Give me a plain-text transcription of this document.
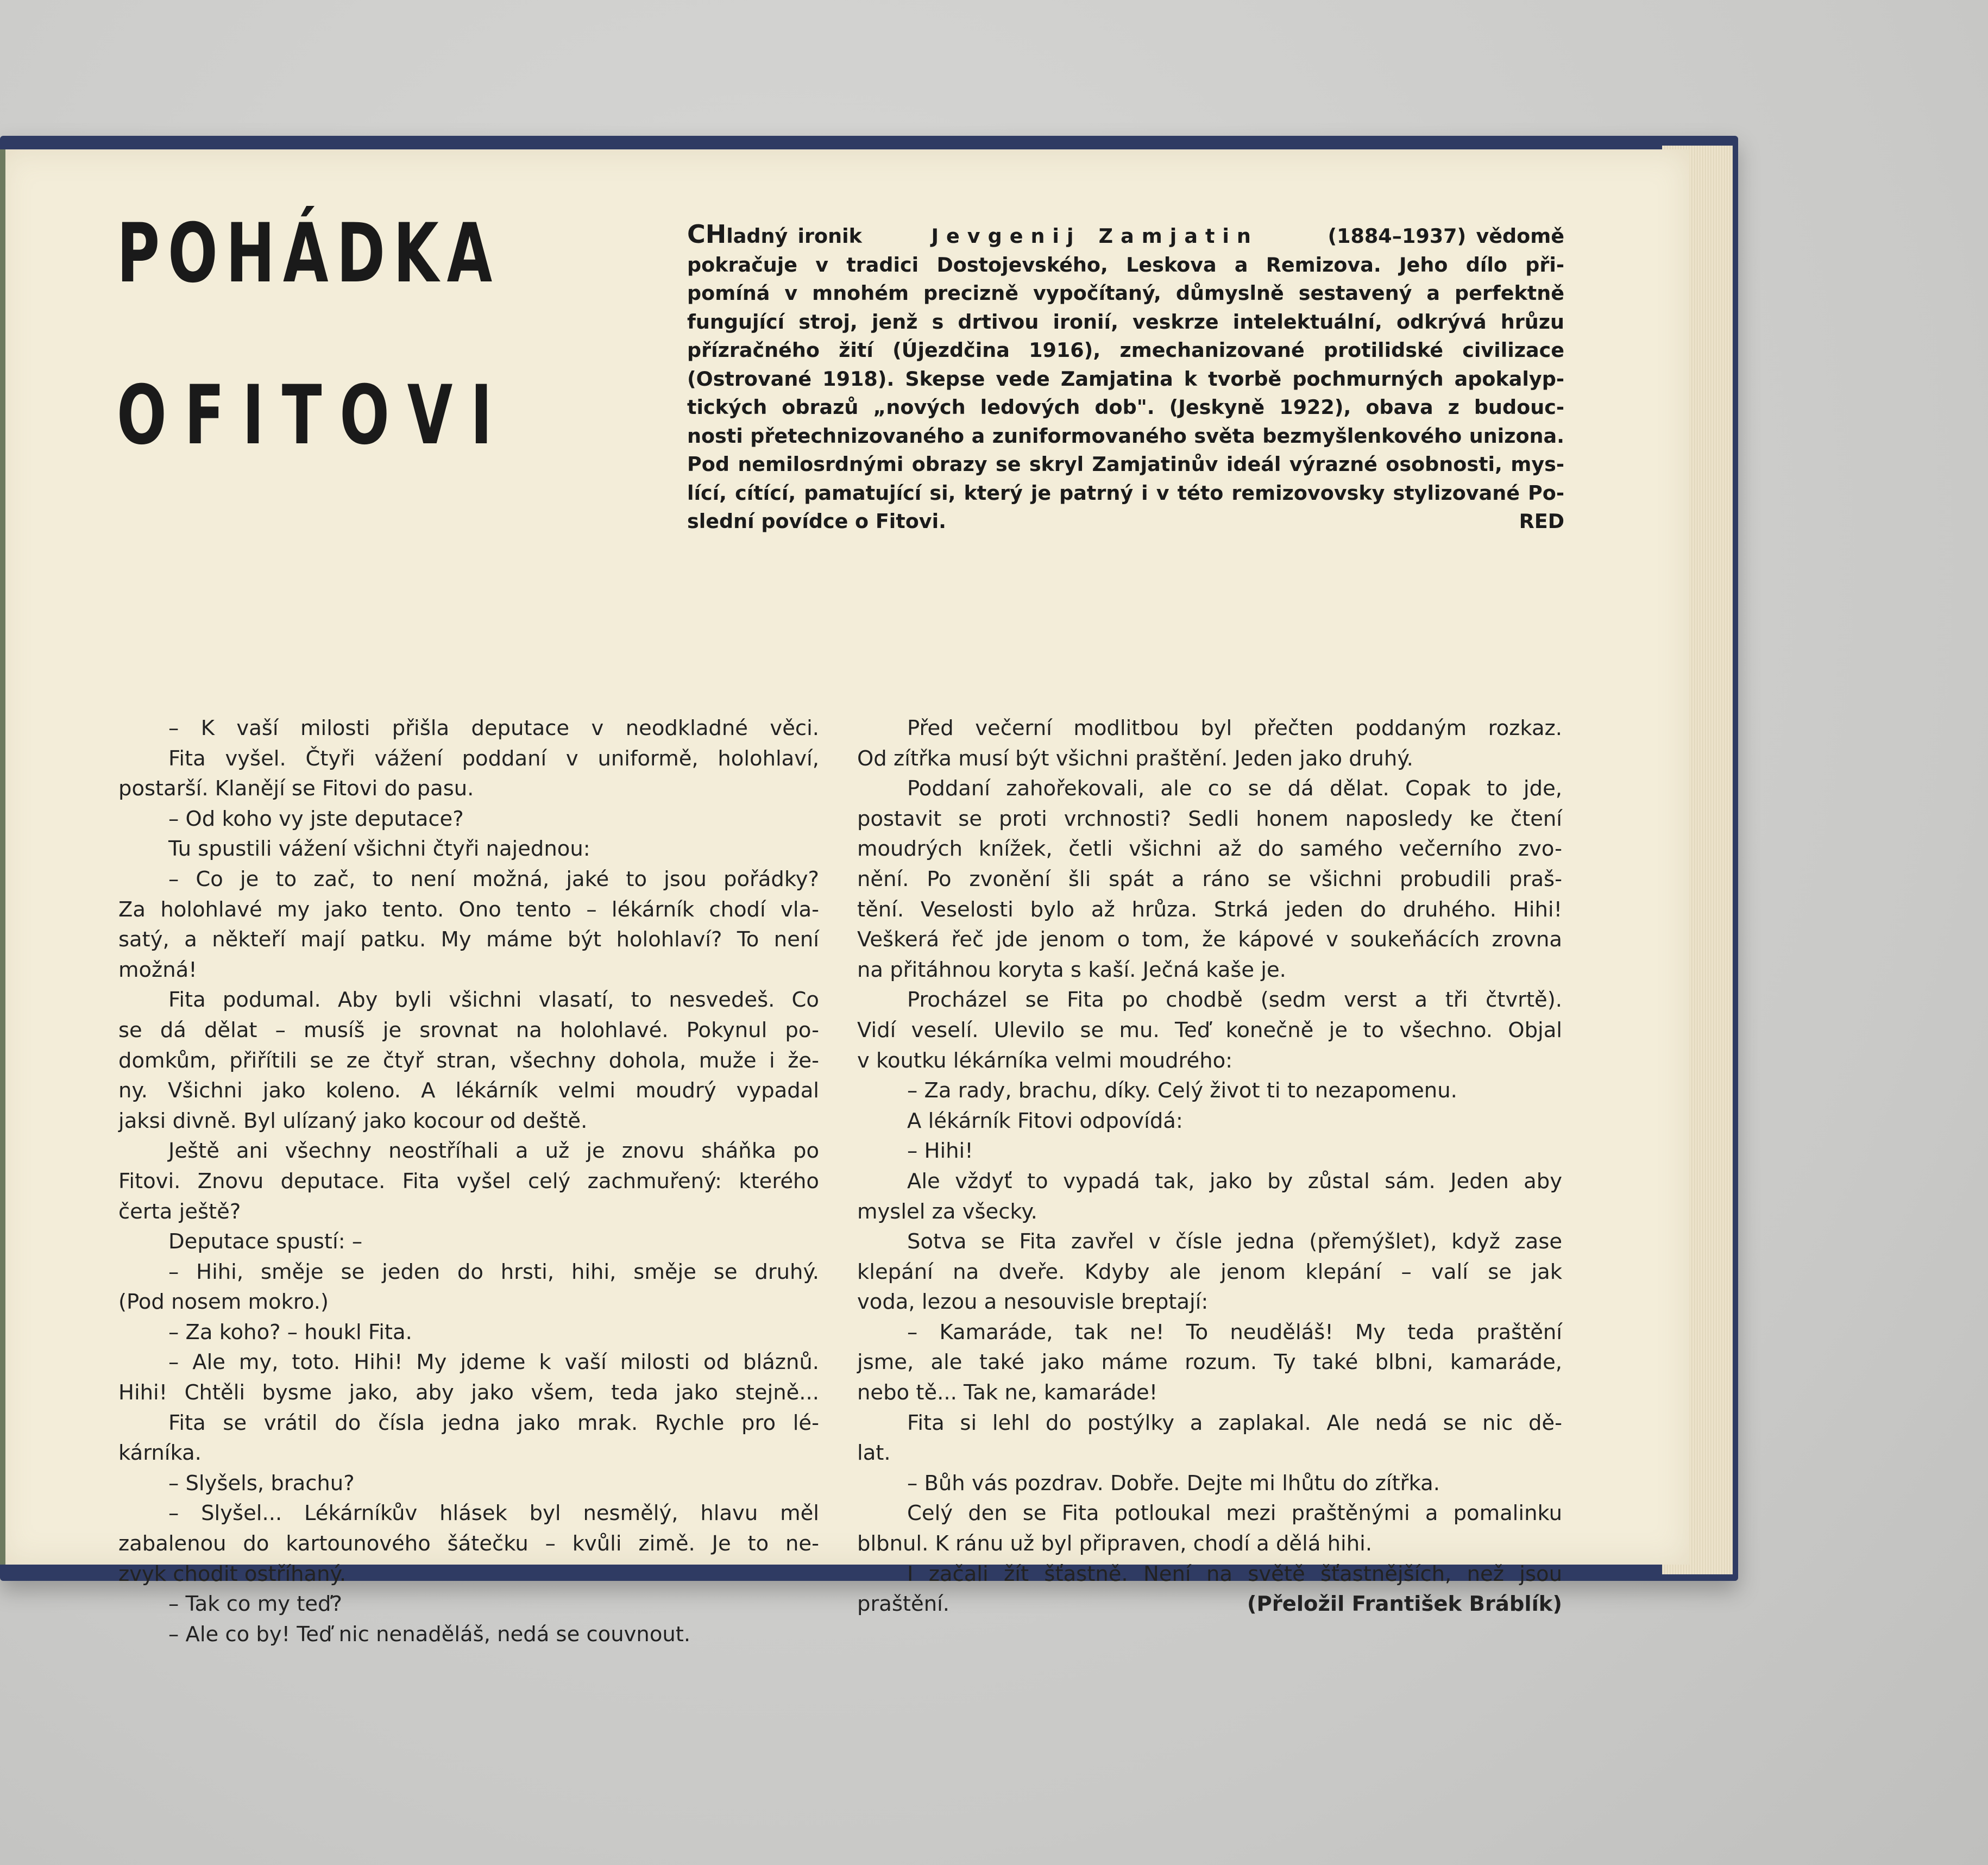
P O H Á D K A
O F I T O V I

CHladný ironik	Jevgenij Zamjatin	(1884–1937) vědomě

pokračuje v tradici Dostojevského, Leskova a Remizova. Jeho dílo při-

pomíná v mnohém precizně vypočítaný, důmyslně sestavený a perfektně

fungující stroj, jenž s drtivou ironií, veskrze intelektuální, odkrývá hrůzu

přízračného žití (Újezdčina 1916), zmechanizované protilidské civilizace

(Ostrované 1918). Skepse vede Zamjatina k tvorbě pochmurných apokalyp-

tických obrazů „nových ledových dob". (Jeskyně 1922), obava z budouc-

nosti přetechnizovaného a zuniformovaného světa bezmyšlenkového unizona.

Pod nemilosrdnými obrazy se skryl Zamjatinův ideál výrazné osobnosti, mys-

lící, cítící, pamatující si, který je patrný i v této remizovovsky stylizované Po-

slední povídce o Fitovi.	RED

– K vaší milosti přišla deputace v neodkladné věci.

Fita vyšel. Čtyři vážení poddaní v uniformě, holohlaví,

postarší. Klanějí se Fitovi do pasu.

– Od koho vy jste deputace?

Tu spustili vážení všichni čtyři najednou:

– Co je to zač, to není možná, jaké to jsou pořádky?

Za holohlavé my jako tento. Ono tento – lékárník chodí vla-

satý, a někteří mají patku. My máme být holohlaví? To není

možná!

Fita podumal. Aby byli všichni vlasatí, to nesvedeš. Co

se dá dělat – musíš je srovnat na holohlavé. Pokynul po-

domkům, přiřítili se ze čtyř stran, všechny dohola, muže i že-

ny. Všichni jako koleno. A lékárník velmi moudrý vypadal

jaksi divně. Byl ulízaný jako kocour od deště.

Ještě ani všechny neostříhali a už je znovu sháňka po

Fitovi. Znovu deputace. Fita vyšel celý zachmuřený: kterého

čerta ještě?

Deputace spustí: –

– Hihi, směje se jeden do hrsti, hihi, směje se druhý.

(Pod nosem mokro.)

– Za koho? – houkl Fita.

– Ale my, toto. Hihi! My jdeme k vaší milosti od bláznů.

Hihi! Chtěli bysme jako, aby jako všem, teda jako stejně...

Fita se vrátil do čísla jedna jako mrak. Rychle pro lé-

kárníka.

– Slyšels, brachu?

– Slyšel... Lékárníkův hlásek byl nesmělý, hlavu měl

zabalenou do kartounového šátečku – kvůli zimě. Je to ne-

zvyk chodit ostříhaný.

– Tak co my teď?

– Ale co by! Teď nic nenaděláš, nedá se couvnout.

Před večerní modlitbou byl přečten poddaným rozkaz.

Od zítřka musí být všichni praštění. Jeden jako druhý.

Poddaní zahořekovali, ale co se dá dělat. Copak to jde,

postavit se proti vrchnosti? Sedli honem naposledy ke čtení

moudrých knížek, četli všichni až do samého večerního zvo-

nění. Po zvonění šli spát a ráno se všichni probudili praš-

tění. Veselosti bylo až hrůza. Strká jeden do druhého. Hihi!

Veškerá řeč jde jenom o tom, že kápové v soukeňácích zrovna

na přitáhnou koryta s kaší. Ječná kaše je.

Procházel se Fita po chodbě (sedm verst a tři čtvrtě).

Vidí veselí. Ulevilo se mu. Teď konečně je to všechno. Objal

v koutku lékárníka velmi moudrého:

– Za rady, brachu, díky. Celý život ti to nezapomenu.

A lékárník Fitovi odpovídá:

– Hihi!

Ale vždyť to vypadá tak, jako by zůstal sám. Jeden aby

myslel za všecky.

Sotva se Fita zavřel v čísle jedna (přemýšlet), když zase

klepání na dveře. Kdyby ale jenom klepání – valí se jak

voda, lezou a nesouvisle breptají:

– Kamaráde, tak ne! To neuděláš! My teda praštění

jsme, ale také jako máme rozum. Ty také blbni, kamaráde,

nebo tě... Tak ne, kamaráde!

Fita si lehl do postýlky a zaplakal. Ale nedá se nic dě-

lat.

– Bůh vás pozdrav. Dobře. Dejte mi lhůtu do zítřka.

Celý den se Fita potloukal mezi praštěnými a pomalinku

blbnul. K ránu už byl připraven, chodí a dělá hihi.

I začali žít šťastně. Není na světě šťastnějších, než jsou

praštění.	(Přeložil František Bráblík)
